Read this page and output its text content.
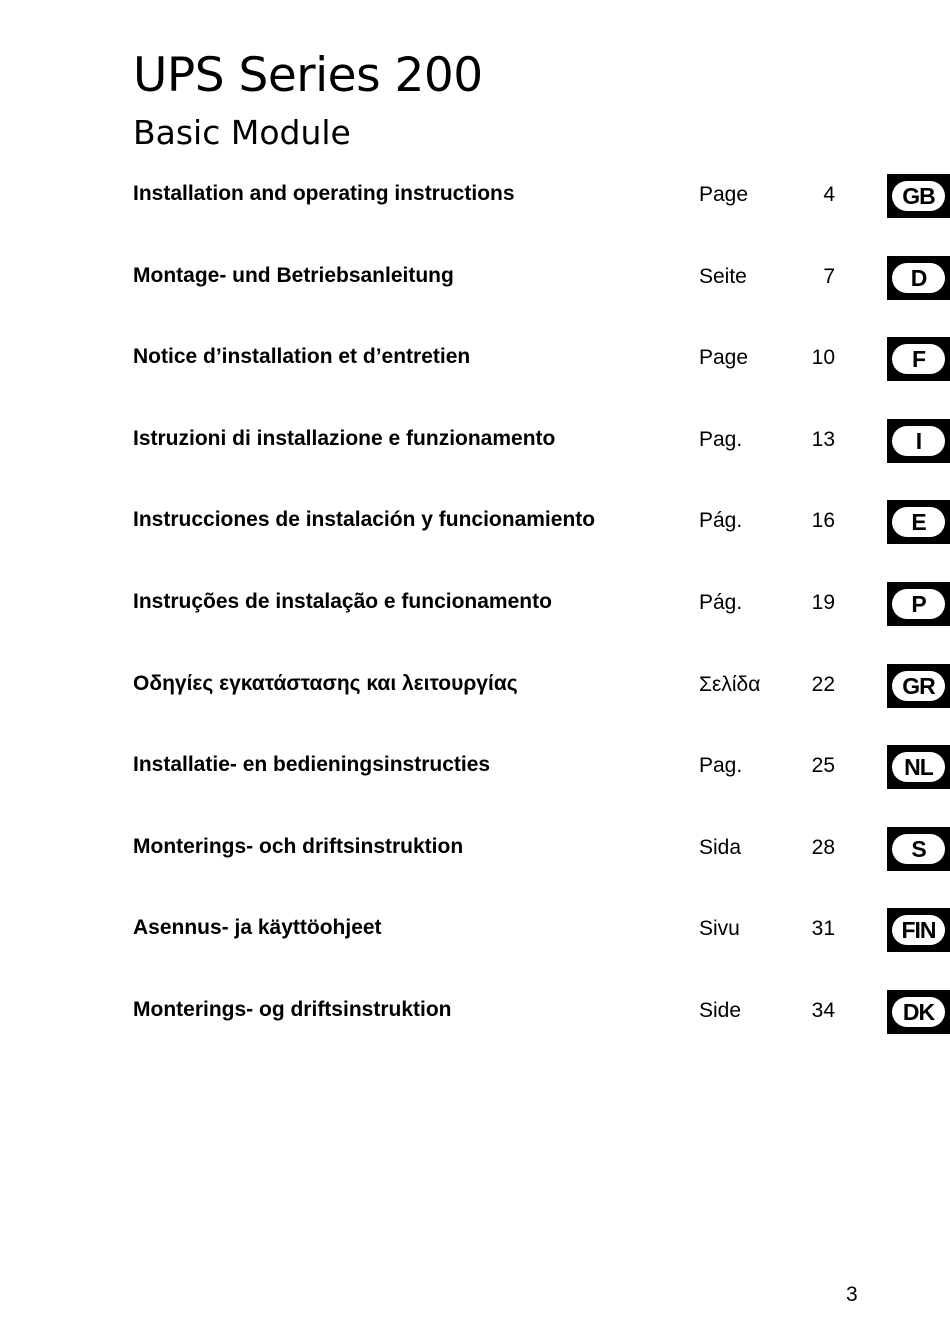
UPS Series 200
Basic Module
Installation and operating instructions	Page	4	GB
Montage- und Betriebsanleitung	Seite	7	D
Notice d’installation et d’entretien	Page	10	F
Istruzioni di installazione e funzionamento	Pag.	13	I
Instrucciones de instalación y funcionamiento	Pág.	16	E
Instruções de instalação e funcionamento	Pág.	19	P
Οδηγίες εγκατάστασης και λειτουργίας	Σελίδα	22	GR
Installatie- en bedieningsinstructies	Pag.	25	NL
Monterings- och driftsinstruktion	Sida	28	S
Asennus- ja käyttöohjeet	Sivu	31	FIN
Monterings- og driftsinstruktion	Side	34	DK
3
